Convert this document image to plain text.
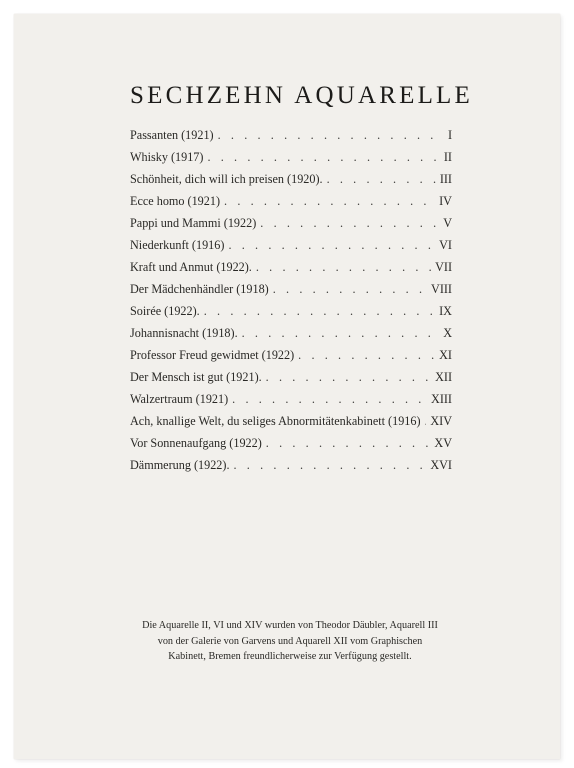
SECHZEHN AQUARELLE
Passanten (1921) . . .	I
Whisky (1917) . . .	II
Schönheit, dich will ich preisen (1920). . . .	III
Ecce homo (1921) . . .	IV
Pappi und Mammi (1922) . . .	V
Niederkunft (1916) . . .	VI
Kraft und Anmut (1922). . . .	VII
Der Mädchenhändler (1918) . . .	VIII
Soirée (1922). . . .	IX
Johannisnacht (1918). . . .	X
Professor Freud gewidmet (1922) . . .	XI
Der Mensch ist gut (1921). . . .	XII
Walzertraum (1921) . . .	XIII
Ach, knallige Welt, du seliges Abnormitätenkabinett (1916) . . . XIV
Vor Sonnenaufgang (1922) . . .	XV
Dämmerung (1922). . . .	XVI

Die Aquarelle II, VI und XIV wurden von Theodor Däubler, Aquarell III
von der Galerie von Garvens und Aquarell XII vom Graphischen
Kabinett, Bremen freundlicherweise zur Verfügung gestellt.
